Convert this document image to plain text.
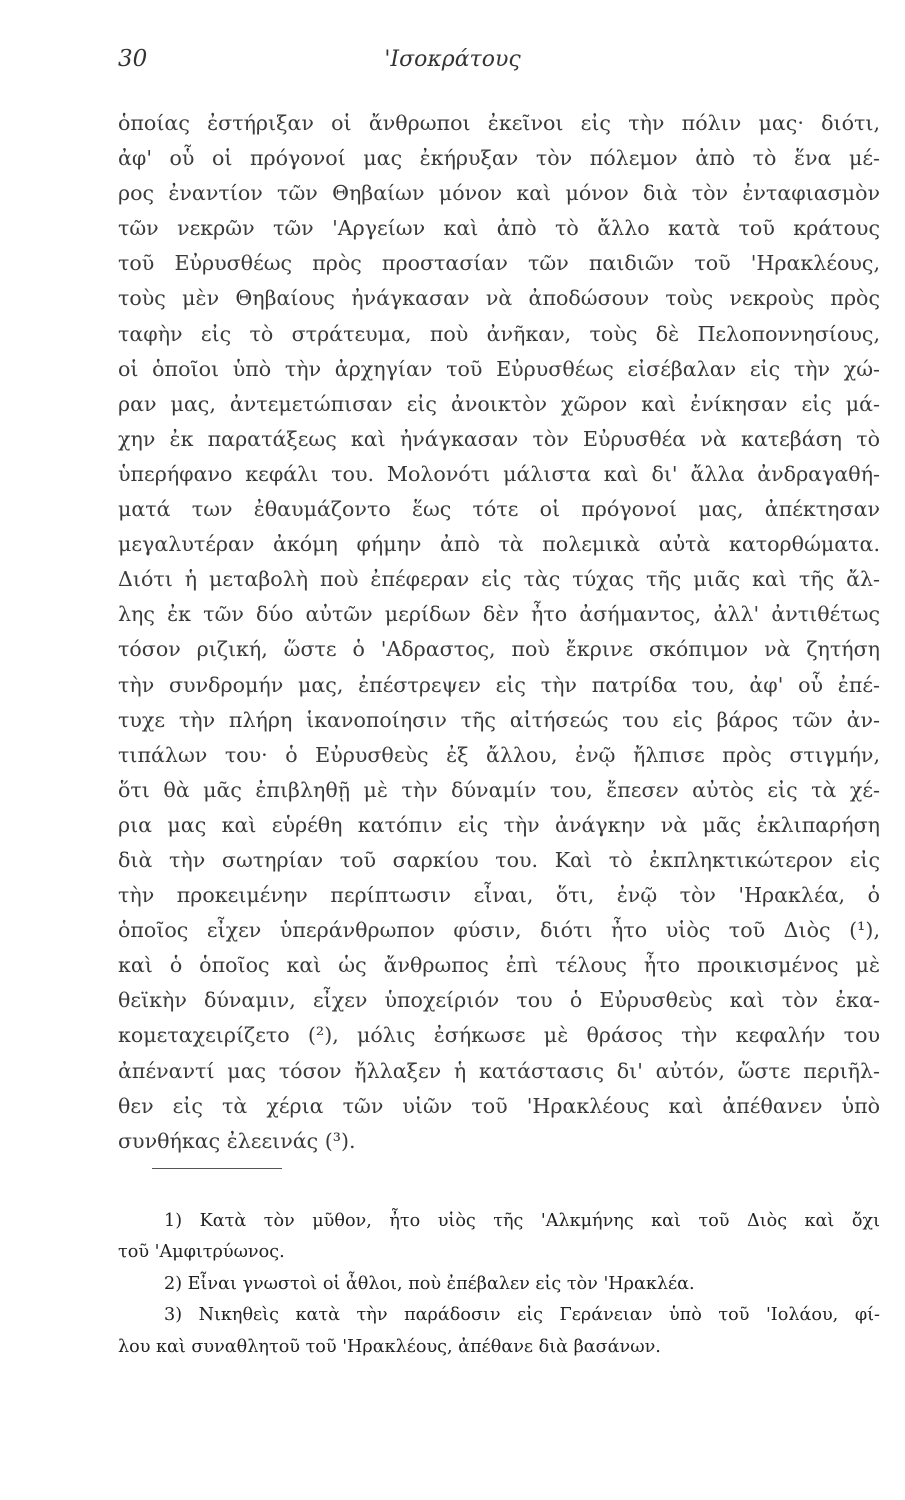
30	'Ισοκράτους
ὁποίας ἐστήριξαν οἱ ἄνθρωποι ἐκεῖνοι εἰς τὴν πόλιν μας· διότι,
ἀφ' οὗ οἱ πρόγονοί μας ἐκήρυξαν τὸν πόλεμον ἀπὸ τὸ ἕνα μέ-
ρος ἐναντίον τῶν Θηβαίων μόνον καὶ μόνον διὰ τὸν ἐνταφιασμὸν
τῶν νεκρῶν τῶν 'Αργείων καὶ ἀπὸ τὸ ἄλλο κατὰ τοῦ κράτους
τοῦ Εὐρυσθέως πρὸς προστασίαν τῶν παιδιῶν τοῦ 'Ηρακλέους,
τοὺς μὲν Θηβαίους ἠνάγκασαν νὰ ἀποδώσουν τοὺς νεκροὺς πρὸς
ταφὴν εἰς τὸ στράτευμα, ποὺ ἀνῆκαν, τοὺς δὲ Πελοποννησίους,
οἱ ὁποῖοι ὑπὸ τὴν ἀρχηγίαν τοῦ Εὐρυσθέως εἰσέβαλαν εἰς τὴν χώ-
ραν μας, ἀντεμετώπισαν εἰς ἀνοικτὸν χῶρον καὶ ἐνίκησαν εἰς μά-
χην ἐκ παρατάξεως καὶ ἠνάγκασαν τὸν Εὐρυσθέα νὰ κατεβάση τὸ
ὑπερήφανο κεφάλι του. Μολονότι μάλιστα καὶ δι' ἄλλα ἀνδραγαθή-
ματά των ἐθαυμάζοντο ἕως τότε οἱ πρόγονοί μας, ἀπέκτησαν
μεγαλυτέραν ἀκόμη φήμην ἀπὸ τὰ πολεμικὰ αὐτὰ κατορθώματα.
Διότι ἡ μεταβολὴ ποὺ ἐπέφεραν εἰς τὰς τύχας τῆς μιᾶς καὶ τῆς ἄλ-
λης ἐκ τῶν δύο αὐτῶν μερίδων δὲν ἦτο ἀσήμαντος, ἀλλ' ἀντιθέτως
τόσον ριζική, ὥστε ὁ 'Αδραστος, ποὺ ἔκρινε σκόπιμον νὰ ζητήση
τὴν συνδρομήν μας, ἐπέστρεψεν εἰς τὴν πατρίδα του, ἀφ' οὗ ἐπέ-
τυχε τὴν πλήρη ἱκανοποίησιν τῆς αἰτήσεώς του εἰς βάρος τῶν ἀν-
τιπάλων του· ὁ Εὐρυσθεὺς ἐξ ἄλλου, ἐνῷ ἤλπισε πρὸς στιγμήν,
ὅτι θὰ μᾶς ἐπιβληθῇ μὲ τὴν δύναμίν του, ἔπεσεν αὐτὸς εἰς τὰ χέ-
ρια μας καὶ εὑρέθη κατόπιν εἰς τὴν ἀνάγκην νὰ μᾶς ἐκλιπαρήση
διὰ τὴν σωτηρίαν τοῦ σαρκίου του. Καὶ τὸ ἐκπληκτικώτερον εἰς
τὴν προκειμένην περίπτωσιν εἶναι, ὅτι, ἐνῷ τὸν 'Ηρακλέα, ὁ
ὁποῖος εἶχεν ὑπεράνθρωπον φύσιν, διότι ἦτο υἱὸς τοῦ Διὸς (¹),
καὶ ὁ ὁποῖος καὶ ὡς ἄνθρωπος ἐπὶ τέλους ἦτο προικισμένος μὲ
θεϊκὴν δύναμιν, εἶχεν ὑποχείριόν του ὁ Εὐρυσθεὺς καὶ τὸν ἐκα-
κομεταχειρίζετο (²), μόλις ἐσήκωσε μὲ θράσος τὴν κεφαλήν του
ἀπέναντί μας τόσον ἤλλαξεν ἡ κατάστασις δι' αὐτόν, ὥστε περιῆλ-
θεν εἰς τὰ χέρια τῶν υἱῶν τοῦ 'Ηρακλέους καὶ ἀπέθανεν ὑπὸ
συνθήκας ἐλεεινάς (³).
1) Κατὰ τὸν μῦθον, ἦτο υἱὸς τῆς 'Αλκμήνης καὶ τοῦ Διὸς καὶ ὄχι
τοῦ 'Αμφιτρύωνος.
2) Εἶναι γνωστοὶ οἱ ἆθλοι, ποὺ ἐπέβαλεν εἰς τὸν 'Ηρακλέα.
3) Νικηθεὶς κατὰ τὴν παράδοσιν εἰς Γεράνειαν ὑπὸ τοῦ 'Ιολάου, φί-
λου καὶ συναθλητοῦ τοῦ 'Ηρακλέους, ἀπέθανε διὰ βασάνων.
